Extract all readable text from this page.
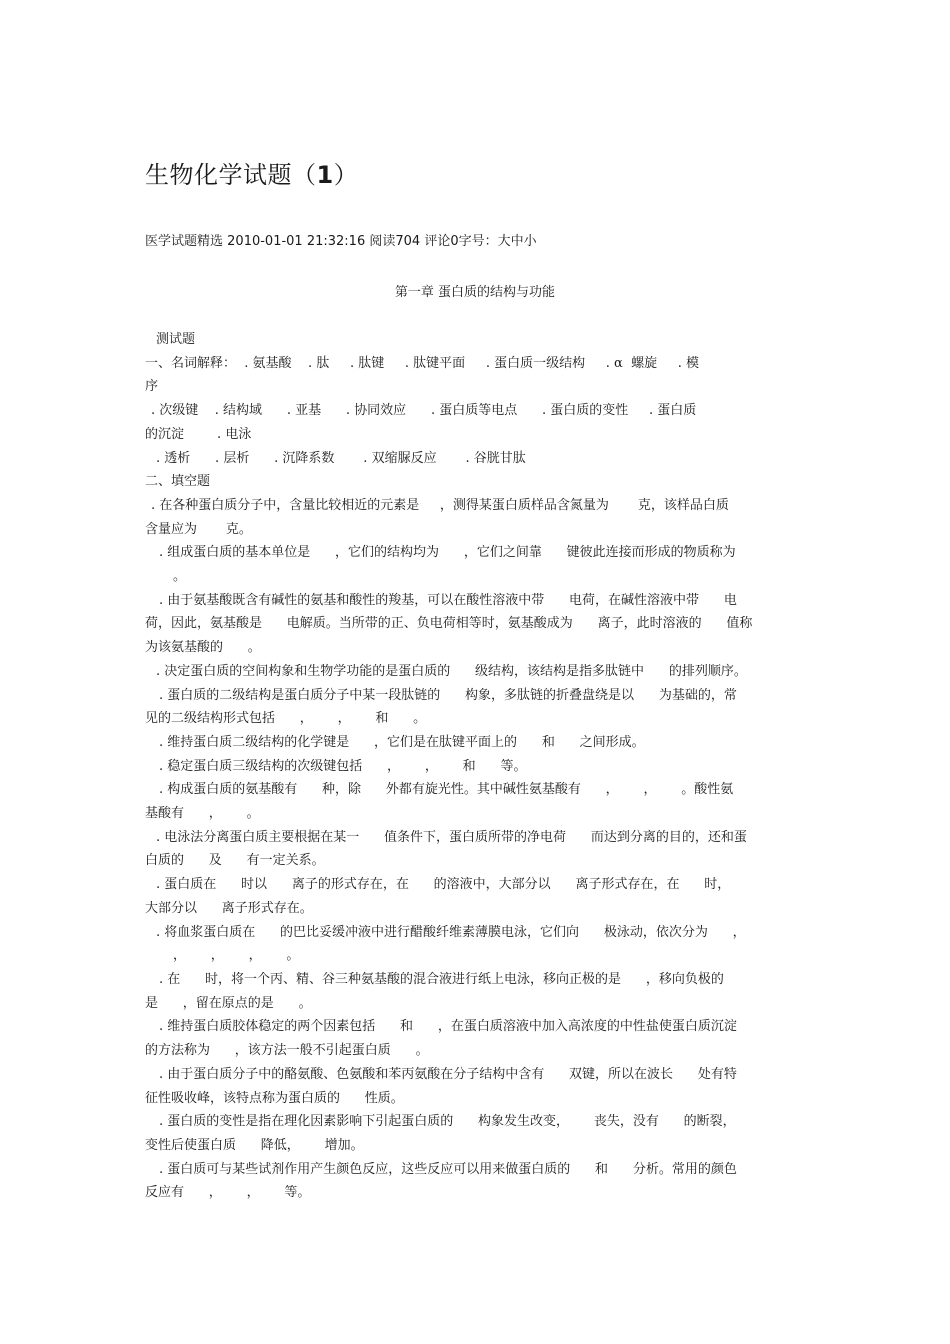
生物化学试题（1）
医学试题精选 2010-01-01 21:32:16 阅读704 评论0字号：大中小
第一章 蛋白质的结构与功能

测试题

一、名词解释：  . 氨基酸    . 肽     . 肽键     . 肽键平面     . 蛋白质一级结构     . α  螺旋     . 模

序

. 次级键    . 结构域      . 亚基      . 协同效应      . 蛋白质等电点      . 蛋白质的变性     . 蛋白质

的沉淀        . 电泳

. 透析      . 层析      . 沉降系数       . 双缩脲反应       . 谷胱甘肽

二、填空题

. 在各种蛋白质分子中，含量比较相近的元素是     ，测得某蛋白质样品含氮量为       克，该样品白质

含量应为       克。

. 组成蛋白质的基本单位是      ，它们的结构均为      ，它们之间靠      键彼此连接而形成的物质称为

。

. 由于氨基酸既含有碱性的氨基和酸性的羧基，可以在酸性溶液中带      电荷，在碱性溶液中带      电

荷，因此，氨基酸是      电解质。当所带的正、负电荷相等时，氨基酸成为      离子，此时溶液的      值称

为该氨基酸的      。

. 决定蛋白质的空间构象和生物学功能的是蛋白质的      级结构，该结构是指多肽链中      的排列顺序。

. 蛋白质的二级结构是蛋白质分子中某一段肽链的      构象，多肽链的折叠盘绕是以      为基础的，常

见的二级结构形式包括      ，      ，      和      。

. 维持蛋白质二级结构的化学键是      ，它们是在肽键平面上的      和      之间形成。

. 稳定蛋白质三级结构的次级键包括      ，      ，      和      等。

. 构成蛋白质的氨基酸有      种，除      外都有旋光性。其中碱性氨基酸有      ，      ，      。酸性氨

基酸有      ，      。

. 电泳法分离蛋白质主要根据在某一      值条件下，蛋白质所带的净电荷      而达到分离的目的，还和蛋

白质的      及      有一定关系。

. 蛋白质在      时以      离子的形式存在，在      的溶液中，大部分以      离子形式存在，在      时，

大部分以      离子形式存在。

. 将血浆蛋白质在      的巴比妥缓冲液中进行醋酸纤维素薄膜电泳，它们向      极泳动，依次分为      ，

，      ，      ，      。

. 在      时，将一个丙、精、谷三种氨基酸的混合液进行纸上电泳，移向正极的是      ，移向负极的

是      ，留在原点的是      。

. 维持蛋白质胶体稳定的两个因素包括      和      ，在蛋白质溶液中加入高浓度的中性盐使蛋白质沉淀

的方法称为      ，该方法一般不引起蛋白质      。

. 由于蛋白质分子中的酪氨酸、色氨酸和苯丙氨酸在分子结构中含有      双键，所以在波长      处有特

征性吸收峰，该特点称为蛋白质的      性质。

. 蛋白质的变性是指在理化因素影响下引起蛋白质的      构象发生改变，      丧失，没有      的断裂，

变性后使蛋白质      降低，      增加。

. 蛋白质可与某些试剂作用产生颜色反应，这些反应可以用来做蛋白质的      和      分析。常用的颜色

反应有      ，      ，      等。
